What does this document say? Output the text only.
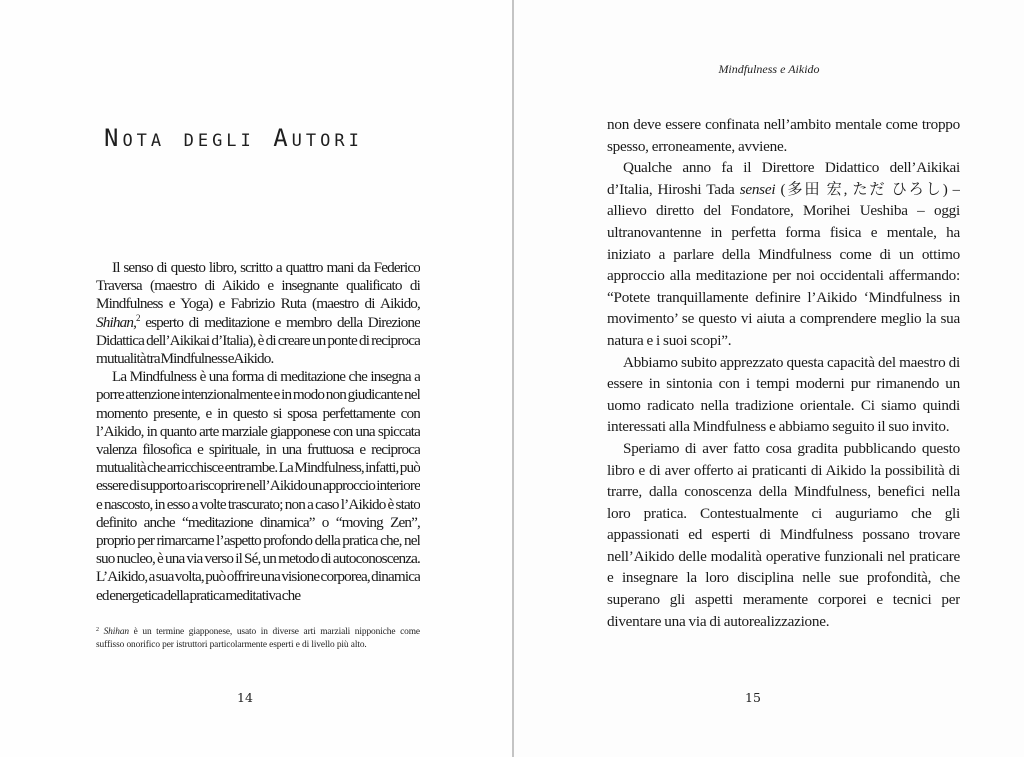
Nota degli Autori

Il senso di questo libro, scritto a quattro mani da Federico Traversa (maestro di Aikido e insegnante qualificato di Mindfulness e Yoga) e Fabrizio Ruta (maestro di Aikido, Shihan,$^2$ esperto di meditazione e membro della Direzione Didattica dell’Aikikai d’Italia), è di creare un ponte di reciproca mutualità tra Mindfulness e Aikido.

La Mindfulness è una forma di meditazione che insegna a porre attenzione intenzionalmente e in modo non giudicante nel momento presente, e in questo si sposa perfettamente con l’Aikido, in quanto arte marziale giapponese con una spiccata valenza filosofica e spirituale, in una fruttuosa e reciproca mutualità che arricchisce entrambe. La Mindfulness, infatti, può essere di supporto a riscoprire nell’Aikido un approccio interiore e nascosto, in esso a volte trascurato; non a caso l’Aikido è stato definito anche “meditazione dinamica” o “moving Zen”, proprio per rimarcarne l’aspetto profondo della pratica che, nel suo nucleo, è una via verso il Sé, un metodo di autoconoscenza. L’Aikido, a sua volta, può offrire una visione corporea, dinamica ed energetica della pratica meditativa che

$^2$ Shihan è un termine giapponese, usato in diverse arti marziali nipponiche come suffisso onorifico per istruttori particolarmente esperti e di livello più alto.
14
Mindfulness e Aikido

non deve essere confinata nell’ambito mentale come troppo spesso, erroneamente, avviene.

Qualche anno fa il Direttore Didattico dell’Aikikai d’Italia, Hiroshi Tada sensei (多田 宏, ただ ひろし) – allievo diretto del Fondatore, Morihei Ueshiba – oggi ultranovantenne in perfetta forma fisica e mentale, ha iniziato a parlare della Mindfulness come di un ottimo approccio alla meditazione per noi occidentali affermando: “Potete tranquillamente definire l’Aikido ‘Mindfulness in movimento’ se questo vi aiuta a comprendere meglio la sua natura e i suoi scopi”.

Abbiamo subito apprezzato questa capacità del maestro di essere in sintonia con i tempi moderni pur rimanendo un uomo radicato nella tradizione orientale. Ci siamo quindi interessati alla Mindfulness e abbiamo seguito il suo invito.

Speriamo di aver fatto cosa gradita pubblicando questo libro e di aver offerto ai praticanti di Aikido la possibilità di trarre, dalla conoscenza della Mindfulness, benefici nella loro pratica. Contestualmente ci auguriamo che gli appassionati ed esperti di Mindfulness possano trovare nell’Aikido delle modalità operative funzionali nel praticare e insegnare la loro disciplina nelle sue profondità, che superano gli aspetti meramente corporei e tecnici per diventare una via di autorealizzazione.

15
